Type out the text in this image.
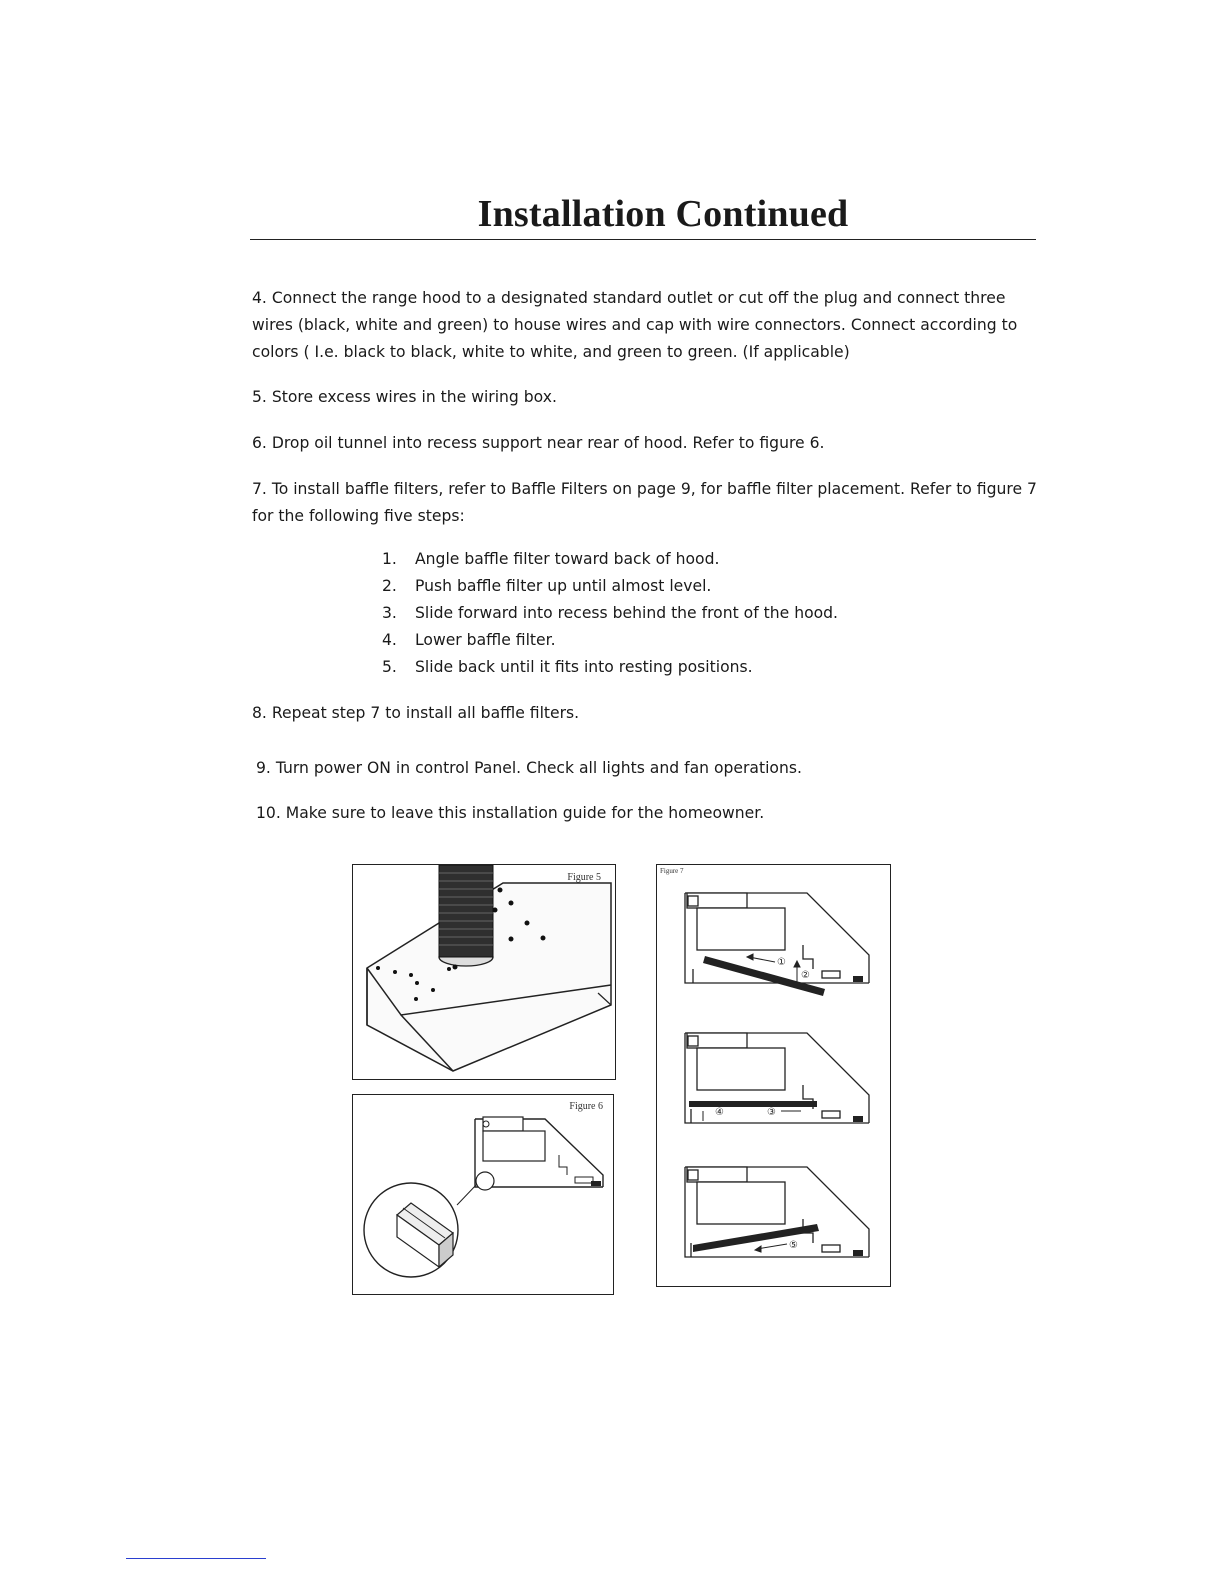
Installation Continued

4. Connect the range hood to a designated standard outlet or cut off the plug and connect three wires (black, white and green) to house wires and cap with wire connectors. Connect according to colors ( I.e. black to black, white to white, and green to green. (If applicable)

5. Store excess wires in the wiring box.

6. Drop oil tunnel into recess support near rear of hood. Refer to figure 6.

7. To install baffle filters, refer to Baffle Filters on page 9, for baffle filter placement. Refer to figure 7 for the following five steps:

1.	Angle baffle filter toward back of hood.
2.	Push baffle filter up until almost level.
3.	Slide forward into recess behind the front of the hood.
4.	Lower baffle filter.
5.	Slide back until it fits into resting positions.

8. Repeat step 7 to install all baffle filters.

9. Turn power ON in control Panel. Check all lights and fan operations.

10. Make sure to leave this installation guide for the homeowner.

Figure 5
Figure 6
Figure 7
①
②
④	③
⑤
